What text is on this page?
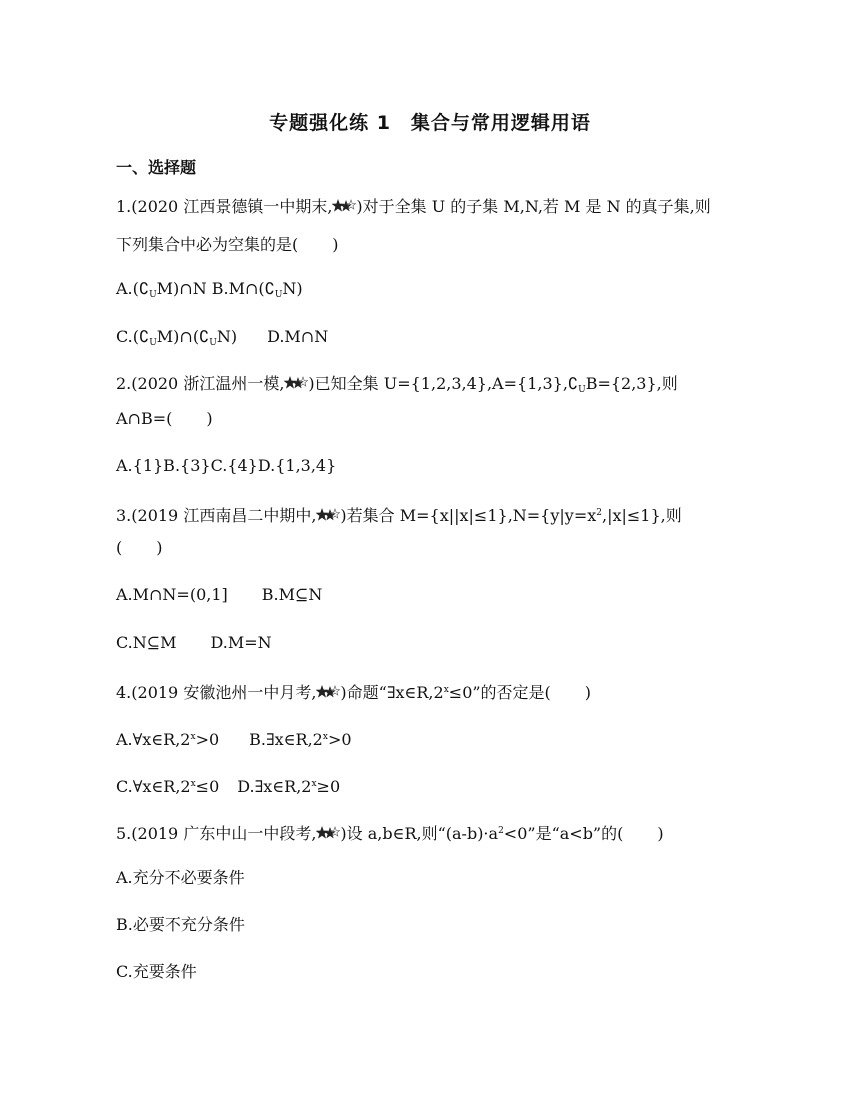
专题强化练 1　集合与常用逻辑用语
一、选择题
1.(2020 江西景德镇一中期末, )对于全集 U 的子集 M,N,若 M 是 N 的真子集,则
下列集合中必为空集的是( )
$A.(∁_UM)\cap N$ $B.M\cap(∁_UN)$
$C.(∁_UM)\cap(∁_UN)$ D.M∩N
2.(2020 浙江温州一模, )已知全集 $U=\{1,2,3,4\},A=\{1,3\},∁_UB=\{2,3\}$,则
A∩B=( )
A.{1}B.{3}C.{4}D.{1,3,4}
3.(2019 江西南昌二中期中, )若集合 $M=\{x||x|\le 1\},N=\{y|y=x^2,|x|\le 1\}$,则
( )
A.M∩N=(0,1] B.M⊆N
C.N⊆M D.M=N
4.(2019 安徽池州一中月考, )命题“$\exists x\in R,2^x\le 0$”的否定是( )
$A.\forall x\in R,2^x>0$ $B.\exists x\in R,2^x>0$
$C.\forall x\in R,2^x\le 0$ $D.\exists x\in R,2^x\ge 0$
5.(2019 广东中山一中段考, )设 a,b∈R,则“$(a-b)\cdot a^2<0$”是“a<b”的( )
A.充分不必要条件
B.必要不充分条件
C.充要条件
